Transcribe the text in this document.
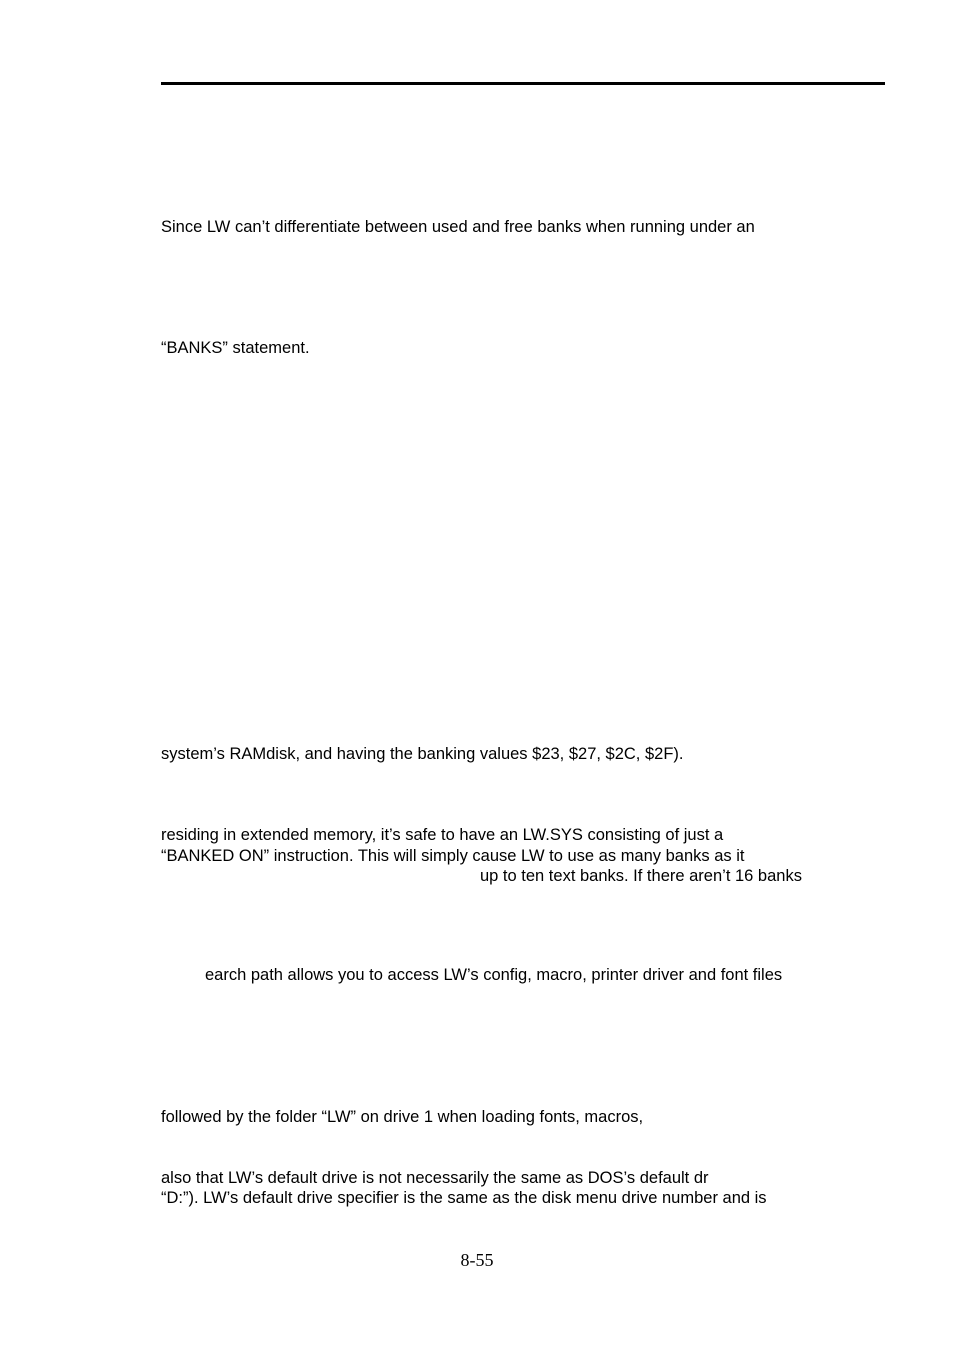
Since LW can’t differentiate between used and free banks when running under an
“BANKS” statement.
system’s RAMdisk, and having the banking values $23, $27, $2C, $2F).
residing in extended memory, it’s safe to have an LW.SYS consisting of just a
“BANKED ON” instruction. This will simply cause LW to use as many banks as it
up to ten text banks. If there aren’t 16 banks
earch path allows you to access LW’s config, macro, printer driver and font files
followed by the folder “LW” on drive 1 when loading fonts, macros,
also that LW’s default drive is not necessarily the same as DOS’s default dr
“D:”). LW’s default drive specifier is the same as the disk menu drive number and is
8-55
